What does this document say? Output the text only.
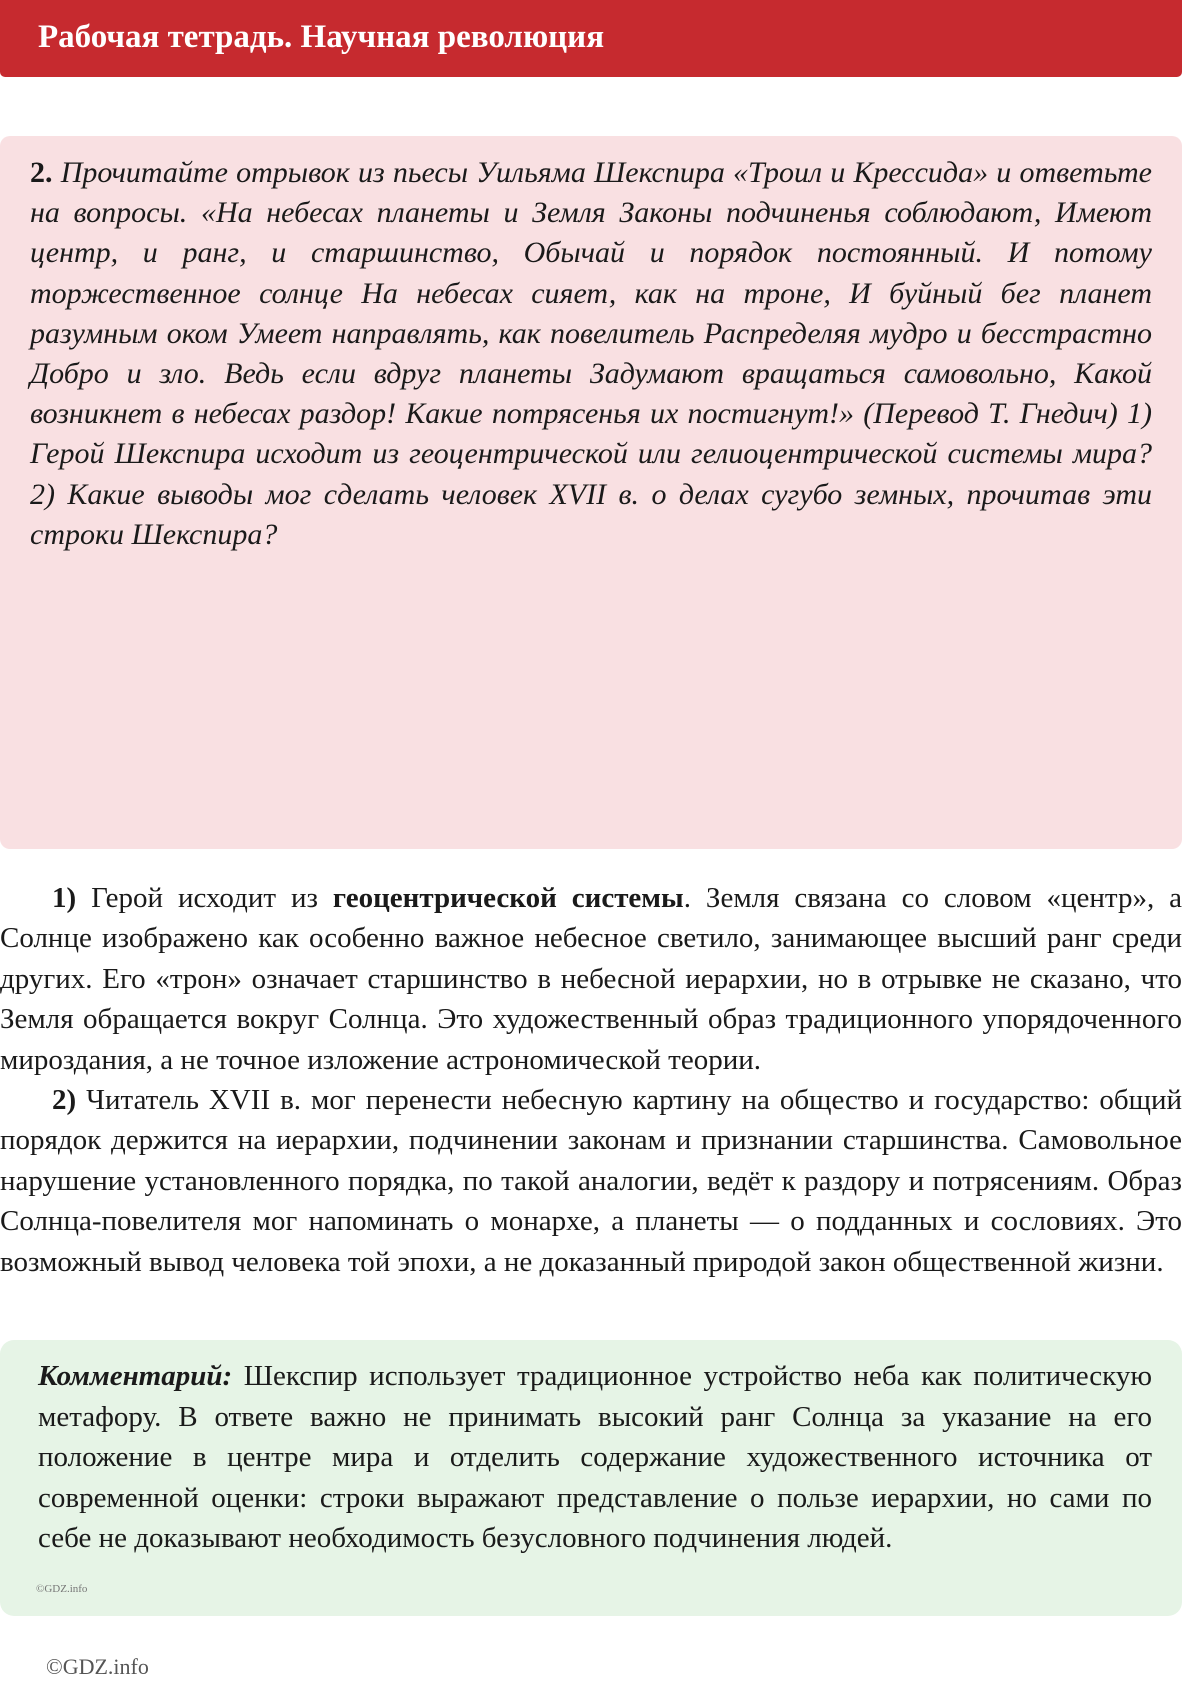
Рабочая тетрадь. Научная революция
2. Прочитайте отрывок из пьесы Уильяма Шекспира «Троил и Крессида» и ответьте на вопросы. «На небесах планеты и Земля Законы подчиненья соблюдают, Имеют центр, и ранг, и старшинство, Обычай и порядок постоянный. И потому торжественное солнце На небесах сияет, как на троне, И буйный бег планет разумным оком Умеет направлять, как повелитель Распределяя мудро и бесстрастно Добро и зло. Ведь если вдруг планеты Задумают вращаться самовольно, Какой возникнет в небесах раздор! Какие потрясенья их постигнут!» (Перевод Т. Гнедич) 1) Герой Шекспира исходит из геоцентрической или гелиоцентрической системы мира? 2) Какие выводы мог сделать человек XVII в. о делах сугубо земных, прочитав эти строки Шекспира?

1) Герой исходит из геоцентрической системы. Земля связана со словом «центр», а Солнце изображено как особенно важное небесное светило, занимающее высший ранг среди других. Его «трон» означает старшинство в небесной иерархии, но в отрывке не сказано, что Земля обращается вокруг Солнца. Это художественный образ традиционного упорядоченного мироздания, а не точное изложение астрономической теории.

2) Читатель XVII в. мог перенести небесную картину на общество и государство: общий порядок держится на иерархии, подчинении законам и признании старшинства. Самовольное нарушение установленного порядка, по такой аналогии, ведёт к раздору и потрясениям. Образ Солнца-повелителя мог напоминать о монархе, а планеты — о подданных и сословиях. Это возможный вывод человека той эпохи, а не доказанный природой закон общественной жизни.

Комментарий: Шекспир использует традиционное устройство неба как политическую метафору. В ответе важно не принимать высокий ранг Солнца за указание на его положение в центре мира и отделить содержание художественного источника от современной оценки: строки выражают представление о пользе иерархии, но сами по себе не доказывают необходимость безусловного подчинения людей.
©GDZ.info
©GDZ.info
